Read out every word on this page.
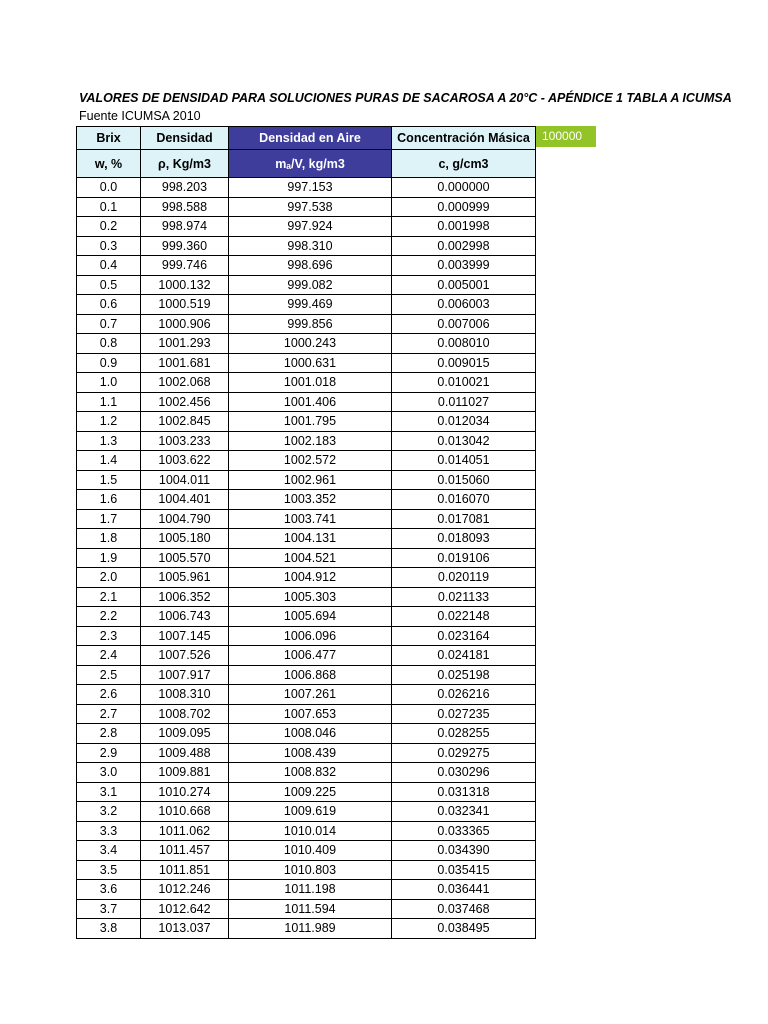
VALORES DE DENSIDAD PARA SOLUCIONES PURAS DE SACAROSA A 20°C - APÉNDICE 1 TABLA A ICUMSA
Fuente ICUMSA 2010
100000
Brix	Densidad	Densidad en Aire	Concentración Másica
w, %	ρ, Kg/m3	mₐ/V, kg/m3	c, g/cm3
0.0	998.203	997.153	0.000000
0.1	998.588	997.538	0.000999
0.2	998.974	997.924	0.001998
0.3	999.360	998.310	0.002998
0.4	999.746	998.696	0.003999
0.5	1000.132	999.082	0.005001
0.6	1000.519	999.469	0.006003
0.7	1000.906	999.856	0.007006
0.8	1001.293	1000.243	0.008010
0.9	1001.681	1000.631	0.009015
1.0	1002.068	1001.018	0.010021
1.1	1002.456	1001.406	0.011027
1.2	1002.845	1001.795	0.012034
1.3	1003.233	1002.183	0.013042
1.4	1003.622	1002.572	0.014051
1.5	1004.011	1002.961	0.015060
1.6	1004.401	1003.352	0.016070
1.7	1004.790	1003.741	0.017081
1.8	1005.180	1004.131	0.018093
1.9	1005.570	1004.521	0.019106
2.0	1005.961	1004.912	0.020119
2.1	1006.352	1005.303	0.021133
2.2	1006.743	1005.694	0.022148
2.3	1007.145	1006.096	0.023164
2.4	1007.526	1006.477	0.024181
2.5	1007.917	1006.868	0.025198
2.6	1008.310	1007.261	0.026216
2.7	1008.702	1007.653	0.027235
2.8	1009.095	1008.046	0.028255
2.9	1009.488	1008.439	0.029275
3.0	1009.881	1008.832	0.030296
3.1	1010.274	1009.225	0.031318
3.2	1010.668	1009.619	0.032341
3.3	1011.062	1010.014	0.033365
3.4	1011.457	1010.409	0.034390
3.5	1011.851	1010.803	0.035415
3.6	1012.246	1011.198	0.036441
3.7	1012.642	1011.594	0.037468
3.8	1013.037	1011.989	0.038495
